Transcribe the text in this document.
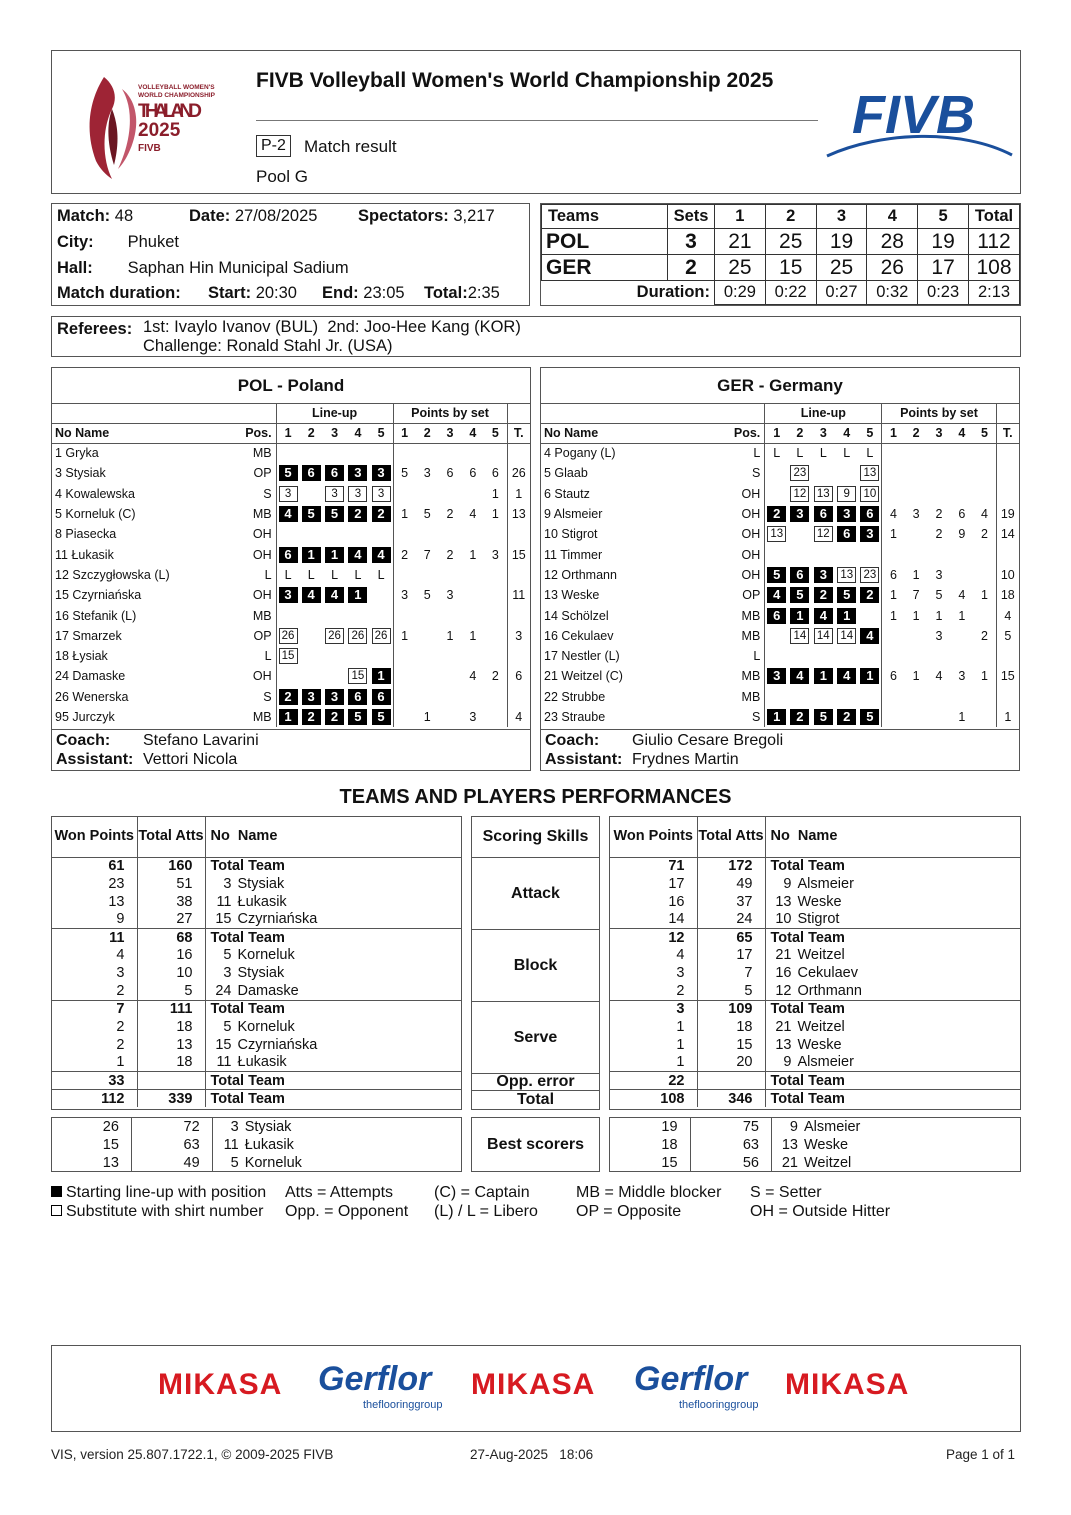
VOLLEYBALL WOMEN'S
WORLD CHAMPIONSHIP
THAILAND
2025
FIVB
FIVB Volleyball Women's World Championship 2025
P-2 Match result
Pool G
FIVB
Match: 48	Date: 27/08/2025 Spectators: 3,217
City: Phuket
Hall: Saphan Hin Municipal Sadium
Match duration: Start: 20:30 End: 23:05 Total:2:35
Teams	Sets	1	2	3	4	5	Total
POL	3	21	25	19	28	19	112
GER	2	25	15	25	26	17	108
Duration:		0:29	0:22	0:27	0:32	0:23	2:13
Referees: 1st: Ivaylo Ivanov (BUL)  2nd: Joo-Hee Kang (KOR)
Challenge: Ronald Stahl Jr. (USA)
POL - Poland
		Line-up					Points by set					
No Name	Pos.	1	2	3	4	5	1	2	3	4	5	T.
1 Gryka	MB											
3 Stysiak	OP	5	6	6	3	3	5	3	6	6	6	26
4 Kowalewska	S	3		3	3	3					1	1
5 Korneluk (C)	MB	4	5	5	2	2	1	5	2	4	1	13
8 Piasecka	OH											
11 Łukasik	OH	6	1	1	4	4	2	7	2	1	3	15
12 Szczygłowska (L)	L	L	L	L	L	L						
15 Czyrniańska	OH	3	4	4	1		3	5	3			11
16 Stefanik (L)	MB											
17 Smarzek	OP	26		26	26	26	1		1	1		3
18 Łysiak	L	15										
24 Damaske	OH				15	1				4	2	6
26 Wenerska	S	2	3	3	6	6						
95 Jurczyk	MB	1	2	2	5	5		1		3		4
Coach: Stefano Lavarini
Assistant: Vettori Nicola
GER - Germany
		Line-up					Points by set					
No Name	Pos.	1	2	3	4	5	1	2	3	4	5	T.
4 Pogany (L)	L	L	L	L	L	L						
5 Glaab	S		23			13						
6 Stautz	OH		12	13	9	10						
9 Alsmeier	OH	2	3	6	3	6	4	3	2	6	4	19
10 Stigrot	OH	13		12	6	3	1		2	9	2	14
11 Timmer	OH											
12 Orthmann	OH	5	6	3	13	23	6	1	3			10
13 Weske	OP	4	5	2	5	2	1	7	5	4	1	18
14 Schölzel	MB	6	1	4	1		1	1	1	1		4
16 Cekulaev	MB		14	14	14	4			3		2	5
17 Nestler (L)	L											
21 Weitzel (C)	MB	3	4	1	4	1	6	1	4	3	1	15
22 Strubbe	MB											
23 Straube	S	1	2	5	2	5				1		1
Coach: Giulio Cesare Bregoli
Assistant: Frydnes Martin
TEAMS AND PLAYERS PERFORMANCES
Won Points	Total Atts	No  Name
61	160	Total Team
23	51	3 Stysiak
13	38	11 Łukasik
9	27	15 Czyrniańska
11	68	Total Team
4	16	5 Korneluk
3	10	3 Stysiak
2	5	24 Damaske
7	111	Total Team
2	18	5 Korneluk
2	13	15 Czyrniańska
1	18	11 Łukasik
33		Total Team
112	339	Total Team
Won Points	Total Atts	No  Name
71	172	Total Team
17	49	9 Alsmeier
16	37	13 Weske
14	24	10 Stigrot
12	65	Total Team
4	17	21 Weitzel
3	7	16 Cekulaev
2	5	12 Orthmann
3	109	Total Team
1	18	21 Weitzel
1	15	13 Weske
1	20	9 Alsmeier
22		Total Team
108	346	Total Team
Scoring Skills
Attack
Block
Serve
Opp. error
Total
26	72	3 Stysiak
15	63	11 Łukasik
13	49	5 Korneluk
Best scorers
19	75	9 Alsmeier
18	63	13 Weske
15	56	21 Weitzel
Starting line-up with position
Substitute with shirt number
Atts = Attempts
Opp. = Opponent
(C) = Captain
(L) / L = Libero
MB = Middle blocker
OP = Opposite
S = Setter
OH = Outside Hitter
MIKASA Gerflor
theflooringgroup
MIKASA Gerflor
theflooringgroup
MIKASA
VIS, version 25.807.1722.1, © 2009-2025 FIVB	27-Aug-2025   18:06	Page 1 of 1
